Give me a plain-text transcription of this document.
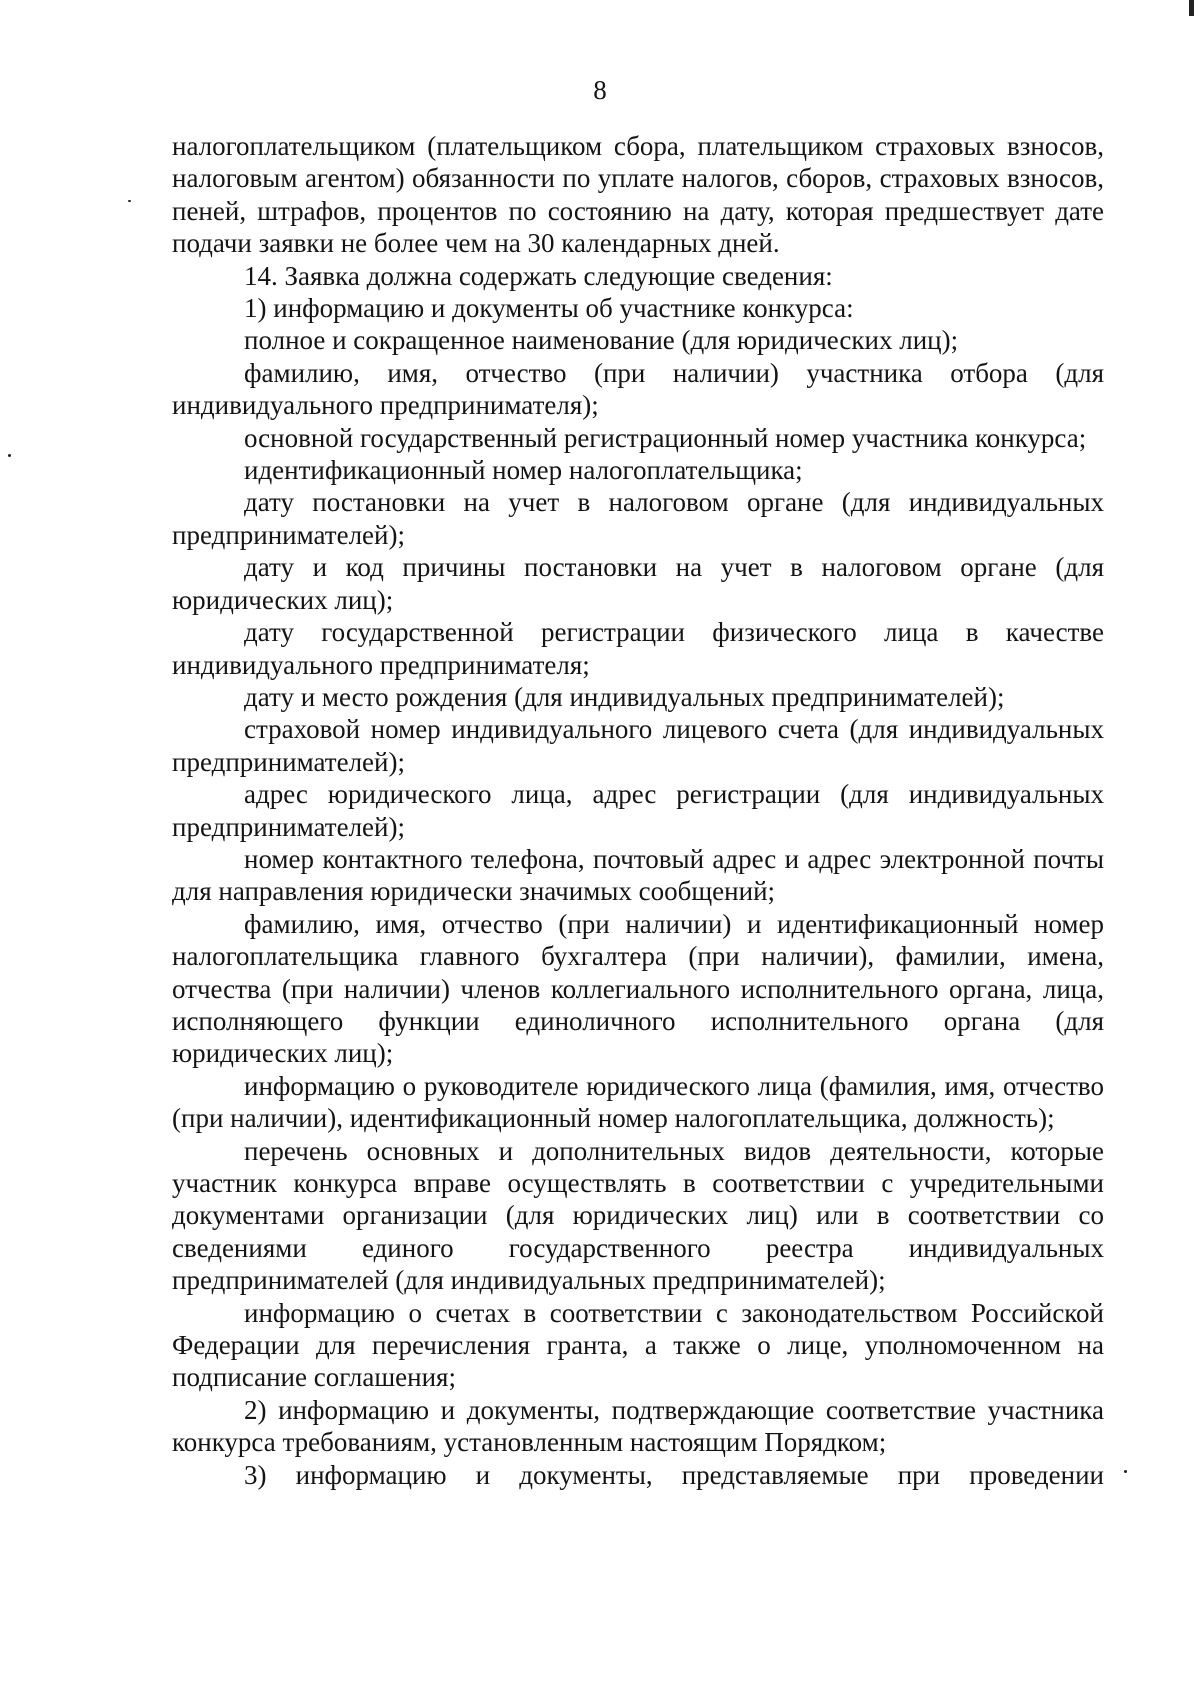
8

налогоплательщиком (плательщиком сбора, плательщиком страховых взносов, налоговым агентом) обязанности по уплате налогов, сборов, страховых взносов, пеней, штрафов, процентов по состоянию на дату, которая предшествует дате подачи заявки не более чем на 30 календарных дней.

14. Заявка должна содержать следующие сведения:

1) информацию и документы об участнике конкурса:

полное и сокращенное наименование (для юридических лиц);

фамилию, имя, отчество (при наличии) участника отбора (для индивидуального предпринимателя);

основной государственный регистрационный номер участника конкурса;

идентификационный номер налогоплательщика;

дату постановки на учет в налоговом органе (для индивидуальных предпринимателей);

дату и код причины постановки на учет в налоговом органе (для юридических лиц);

дату государственной регистрации физического лица в качестве индивидуального предпринимателя;

дату и место рождения (для индивидуальных предпринимателей);

страховой номер индивидуального лицевого счета (для индивидуальных предпринимателей);

адрес юридического лица, адрес регистрации (для индивидуальных предпринимателей);

номер контактного телефона, почтовый адрес и адрес электронной почты для направления юридически значимых сообщений;

фамилию, имя, отчество (при наличии) и идентификационный номер налогоплательщика главного бухгалтера (при наличии), фамилии, имена, отчества (при наличии) членов коллегиального исполнительного органа, лица, исполняющего функции единоличного исполнительного органа (для юридических лиц);

информацию о руководителе юридического лица (фамилия, имя, отчество (при наличии), идентификационный номер налогоплательщика, должность);

перечень основных и дополнительных видов деятельности, которые участник конкурса вправе осуществлять в соответствии с учредительными документами организации (для юридических лиц) или в соответствии со сведениями единого государственного реестра индивидуальных предпринимателей (для индивидуальных предпринимателей);

информацию о счетах в соответствии с законодательством Российской Федерации для перечисления гранта, а также о лице, уполномоченном на подписание соглашения;

2) информацию и документы, подтверждающие соответствие участника конкурса требованиям, установленным настоящим Порядком;

3) информацию и документы, представляемые при проведении
